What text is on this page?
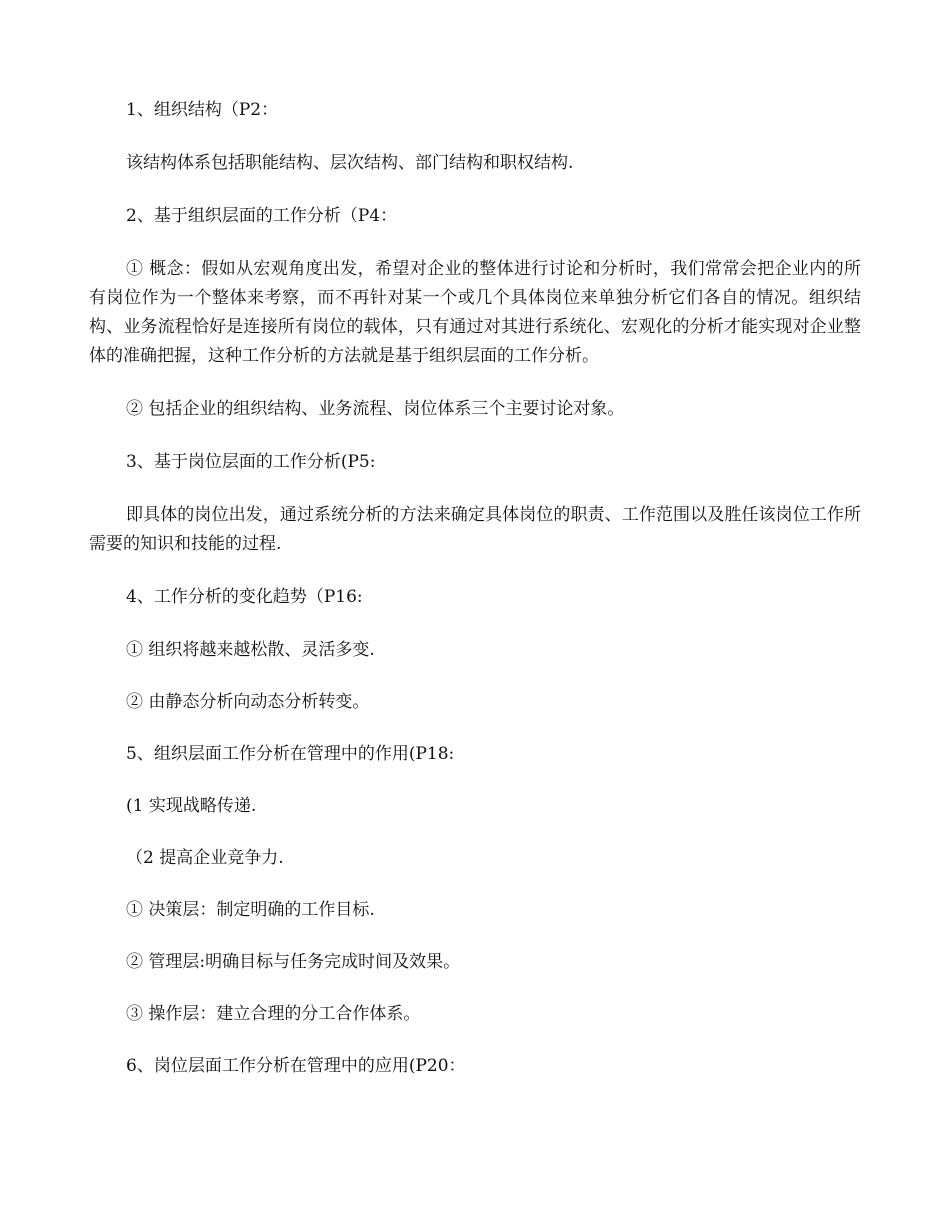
1、组织结构（P2：

该结构体系包括职能结构、层次结构、部门结构和职权结构.

2、基于组织层面的工作分析（P4：

① 概念：假如从宏观角度出发，希望对企业的整体进行讨论和分析时，我们常常会把企业内的所有岗位作为一个整体来考察，而不再针对某一个或几个具体岗位来单独分析它们各自的情况。组织结构、业务流程恰好是连接所有岗位的载体，只有通过对其进行系统化、宏观化的分析才能实现对企业整体的准确把握，这种工作分析的方法就是基于组织层面的工作分析。

② 包括企业的组织结构、业务流程、岗位体系三个主要讨论对象。

3、基于岗位层面的工作分析(P5:

即具体的岗位出发，通过系统分析的方法来确定具体岗位的职责、工作范围以及胜任该岗位工作所需要的知识和技能的过程.

4、工作分析的变化趋势（P16:

① 组织将越来越松散、灵活多变.

② 由静态分析向动态分析转变。

5、组织层面工作分析在管理中的作用(P18:

(1 实现战略传递.

（2 提高企业竞争力.

① 决策层：制定明确的工作目标.

② 管理层:明确目标与任务完成时间及效果。

③ 操作层：建立合理的分工合作体系。

6、岗位层面工作分析在管理中的应用(P20：
